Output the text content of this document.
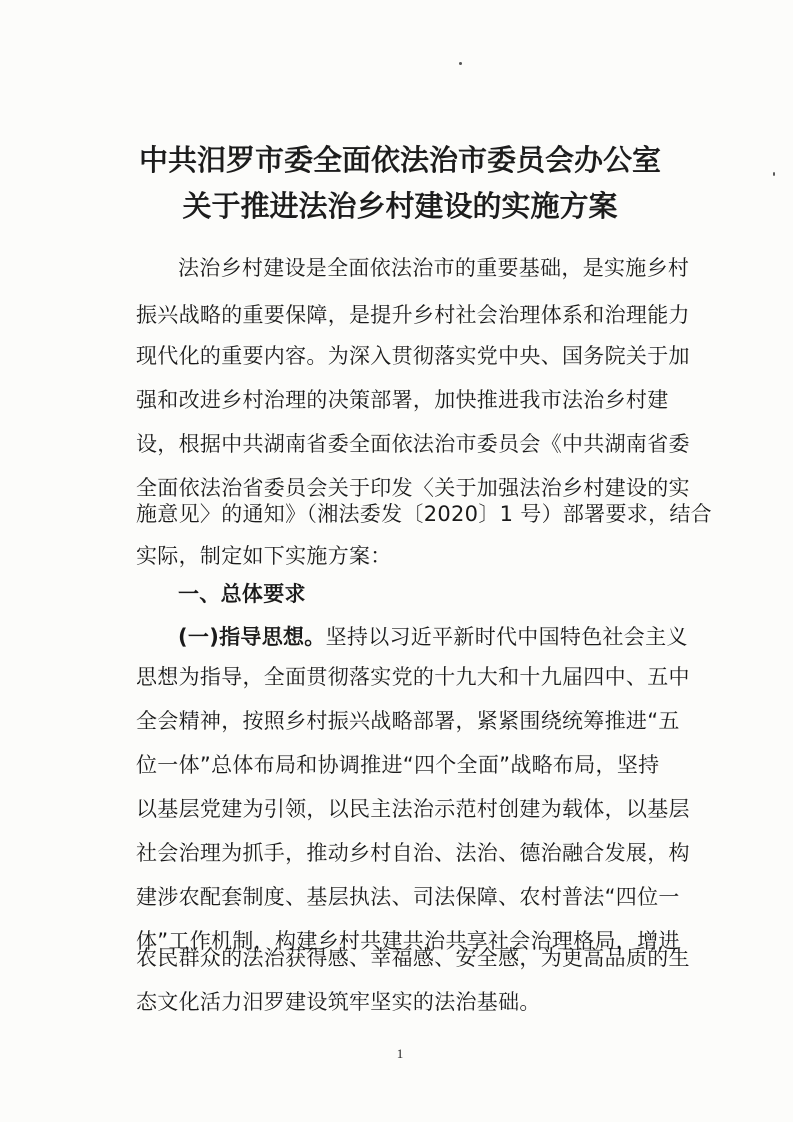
中共汨罗市委全面依法治市委员会办公室
关于推进法治乡村建设的实施方案

法治乡村建设是全面依法治市的重要基础，是实施乡村

振兴战略的重要保障，是提升乡村社会治理体系和治理能力

现代化的重要内容。为深入贯彻落实党中央、国务院关于加

强和改进乡村治理的决策部署，加快推进我市法治乡村建

设，根据中共湖南省委全面依法治市委员会《中共湖南省委

全面依法治省委员会关于印发〈关于加强法治乡村建设的实

施意见〉的通知》（湘法委发〔2020〕1 号）部署要求，结合

实际，制定如下实施方案：

一、总体要求

(一)指导思想。坚持以习近平新时代中国特色社会主义

思想为指导，全面贯彻落实党的十九大和十九届四中、五中

全会精神，按照乡村振兴战略部署，紧紧围绕统筹推进“五

位一体”总体布局和协调推进“四个全面”战略布局，坚持

以基层党建为引领，以民主法治示范村创建为载体，以基层

社会治理为抓手，推动乡村自治、法治、德治融合发展，构

建涉农配套制度、基层执法、司法保障、农村普法“四位一

体”工作机制，构建乡村共建共治共享社会治理格局，增进

农民群众的法治获得感、幸福感、安全感，为更高品质的生

态文化活力汨罗建设筑牢坚实的法治基础。

1
